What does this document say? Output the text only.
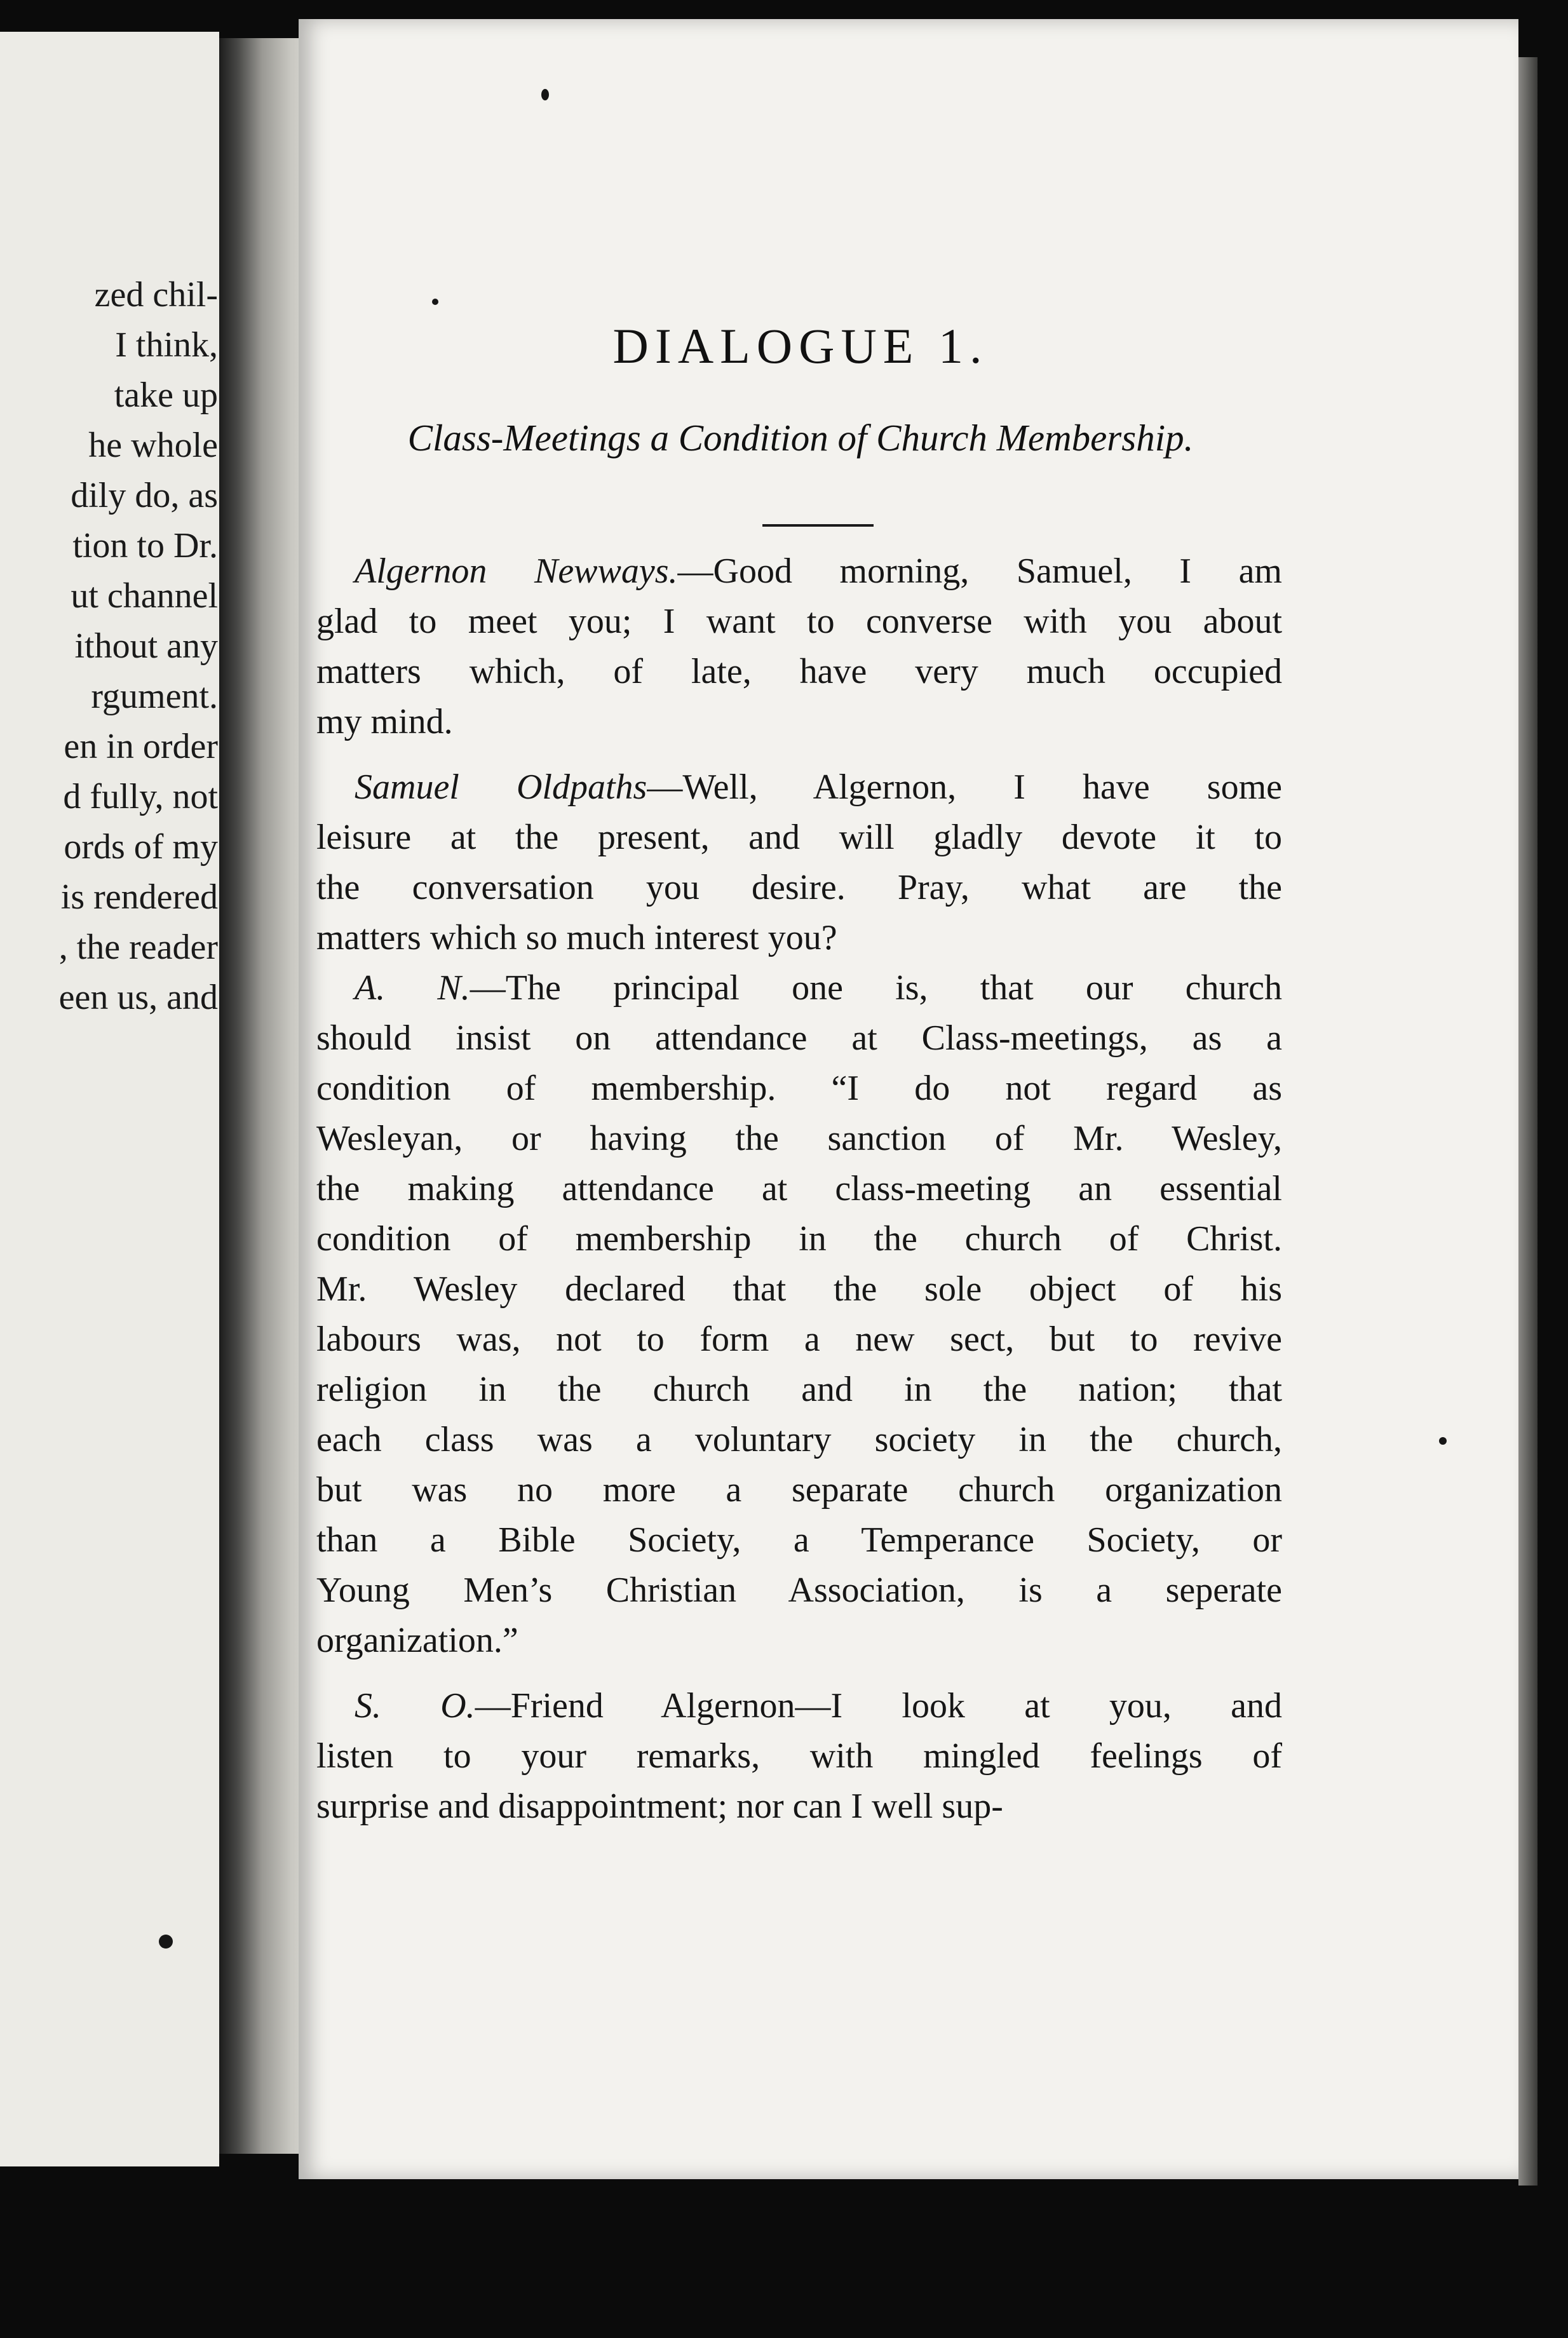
zed chil-
I think,
take up
he whole
dily do, as
tion to Dr.
ut channel
ithout any
rgument.
en in order
d fully, not
ords of my
is rendered
, the reader
een us, and
DIALOGUE 1.
Class-Meetings a Condition of Church Membership.
Algernon Newways.—Good morning, Samuel, I am
glad to meet you; I want to converse with you about
matters which, of late, have very much occupied
my mind.
Samuel Oldpaths—Well, Algernon, I have some
leisure at the present, and will gladly devote it to
the conversation you desire. Pray, what are the
matters which so much interest you?
A. N.—The principal one is, that our church
should insist on attendance at Class-meetings, as a
condition of membership. “I do not regard as
Wesleyan, or having the sanction of Mr. Wesley,
the making attendance at class-meeting an essential
condition of membership in the church of Christ.
Mr. Wesley declared that the sole object of his
labours was, not to form a new sect, but to revive
religion in the church and in the nation; that
each class was a voluntary society in the church,
but was no more a separate church organization
than a Bible Society, a Temperance Society, or
Young Men’s Christian Association, is a seperate
organization.”
S. O.—Friend Algernon—I look at you, and
listen to your remarks, with mingled feelings of
surprise and disappointment; nor can I well sup-
